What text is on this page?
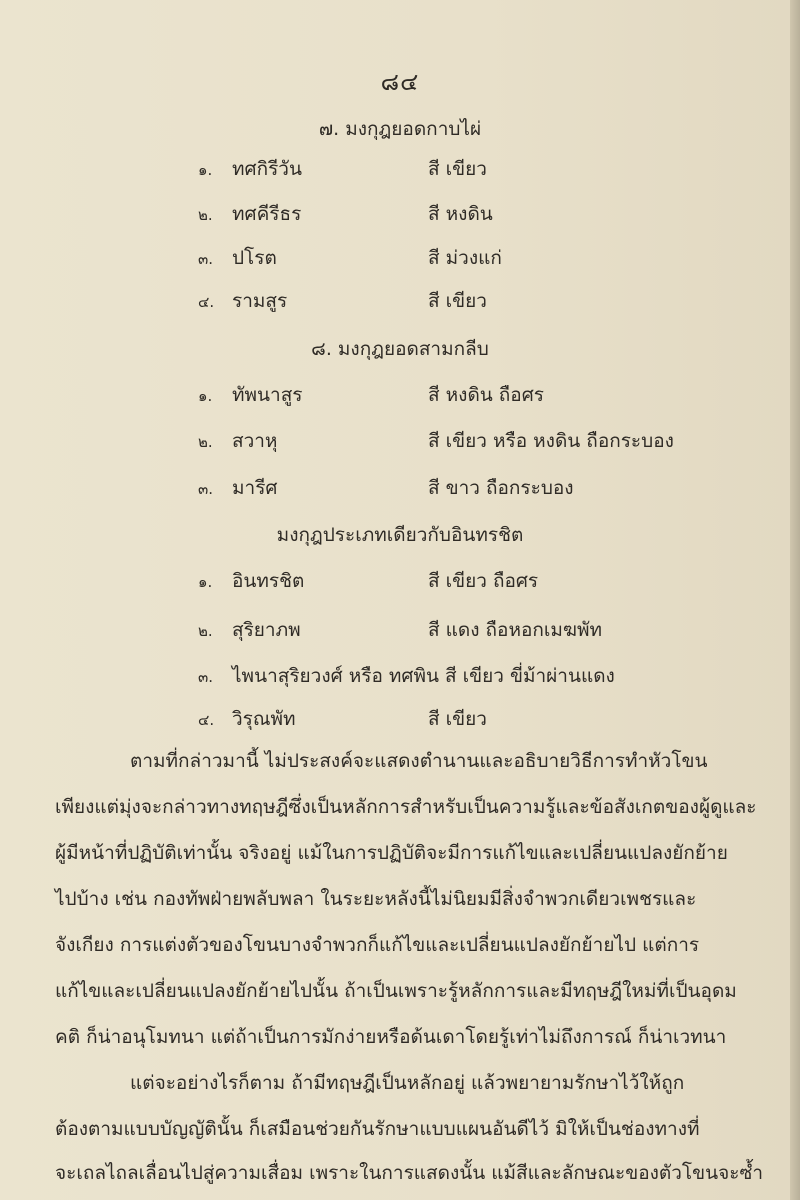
๘๔
๗. มงกุฎยอดกาบไผ่
๑. ทศกิรีวัน	สี เขียว
๒. ทศคีรีธร	สี หงดิน
๓. ปโรต	สี ม่วงแก่
๔. รามสูร	สี เขียว
๘. มงกุฎยอดสามกลีบ
๑. ทัพนาสูร	สี หงดิน ถือศร
๒. สวาหุ	สี เขียว หรือ หงดิน ถือกระบอง
๓. มารีศ	สี ขาว ถือกระบอง
มงกุฎประเภทเดียวกับอินทรชิต
๑. อินทรชิต	สี เขียว ถือศร
๒. สุริยาภพ	สี แดง ถือหอกเมฆพัท
๓. ไพนาสุริยวงศ์ หรือ ทศพิน สี เขียว ขี่ม้าผ่านแดง
๔. วิรุณพัท	สี เขียว
ตามที่กล่าวมานี้ ไม่ประสงค์จะแสดงตำนานและอธิบายวิธีการทำหัวโขน
เพียงแต่มุ่งจะกล่าวทางทฤษฎีซึ่งเป็นหลักการสำหรับเป็นความรู้และข้อสังเกตของผู้ดูและ
ผู้มีหน้าที่ปฏิบัติเท่านั้น จริงอยู่ แม้ในการปฏิบัติจะมีการแก้ไขและเปลี่ยนแปลงยักย้าย
ไปบ้าง เช่น กองทัพฝ่ายพลับพลา ในระยะหลังนี้ไม่นิยมมีสิ่งจำพวกเดียวเพชรและ
จังเกียง การแต่งตัวของโขนบางจำพวกก็แก้ไขและเปลี่ยนแปลงยักย้ายไป แต่การ
แก้ไขและเปลี่ยนแปลงยักย้ายไปนั้น ถ้าเป็นเพราะรู้หลักการและมีทฤษฎีใหม่ที่เป็นอุดม
คติ ก็น่าอนุโมทนา แต่ถ้าเป็นการมักง่ายหรือด้นเดาโดยรู้เท่าไม่ถึงการณ์ ก็น่าเวทนา
แต่จะอย่างไรก็ตาม ถ้ามีทฤษฎีเป็นหลักอยู่ แล้วพยายามรักษาไว้ให้ถูก
ต้องตามแบบบัญญัตินั้น ก็เสมือนช่วยกันรักษาแบบแผนอันดีไว้ มิให้เป็นช่องทางที่
จะเถลไถลเลื่อนไปสู่ความเสื่อม เพราะในการแสดงนั้น แม้สีและลักษณะของตัวโขนจะซ้ำ
